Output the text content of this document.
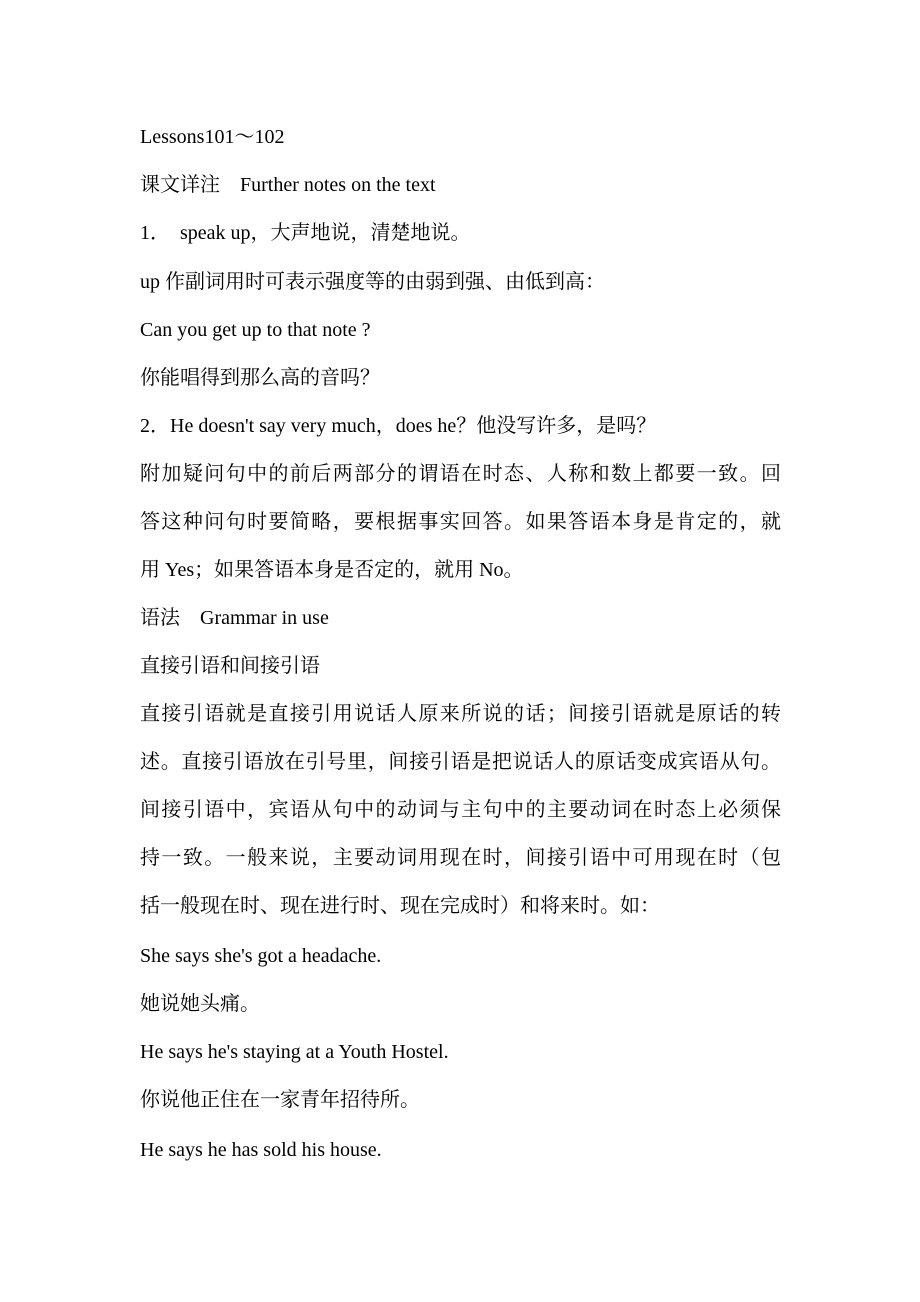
Lessons101～102
课文详注　Further notes on the text
1．　speak up，大声地说，清楚地说。
up 作副词用时可表示强度等的由弱到强、由低到高：
Can you get up to that note ?
你能唱得到那么高的音吗？
2．He doesn't say very much，does he？他没写许多，是吗？
附加疑问句中的前后两部分的谓语在时态、人称和数上都要一致。回
答这种问句时要简略，要根据事实回答。如果答语本身是肯定的，就
用 Yes；如果答语本身是否定的，就用 No。
语法　Grammar in use
直接引语和间接引语
直接引语就是直接引用说话人原来所说的话；间接引语就是原话的转
述。直接引语放在引号里，间接引语是把说话人的原话变成宾语从句。
间接引语中，宾语从句中的动词与主句中的主要动词在时态上必须保
持一致。一般来说，主要动词用现在时，间接引语中可用现在时（包
括一般现在时、现在进行时、现在完成时）和将来时。如：
She says she's got a headache.
她说她头痛。
He says he's staying at a Youth Hostel.
你说他正住在一家青年招待所。
He says he has sold his house.
